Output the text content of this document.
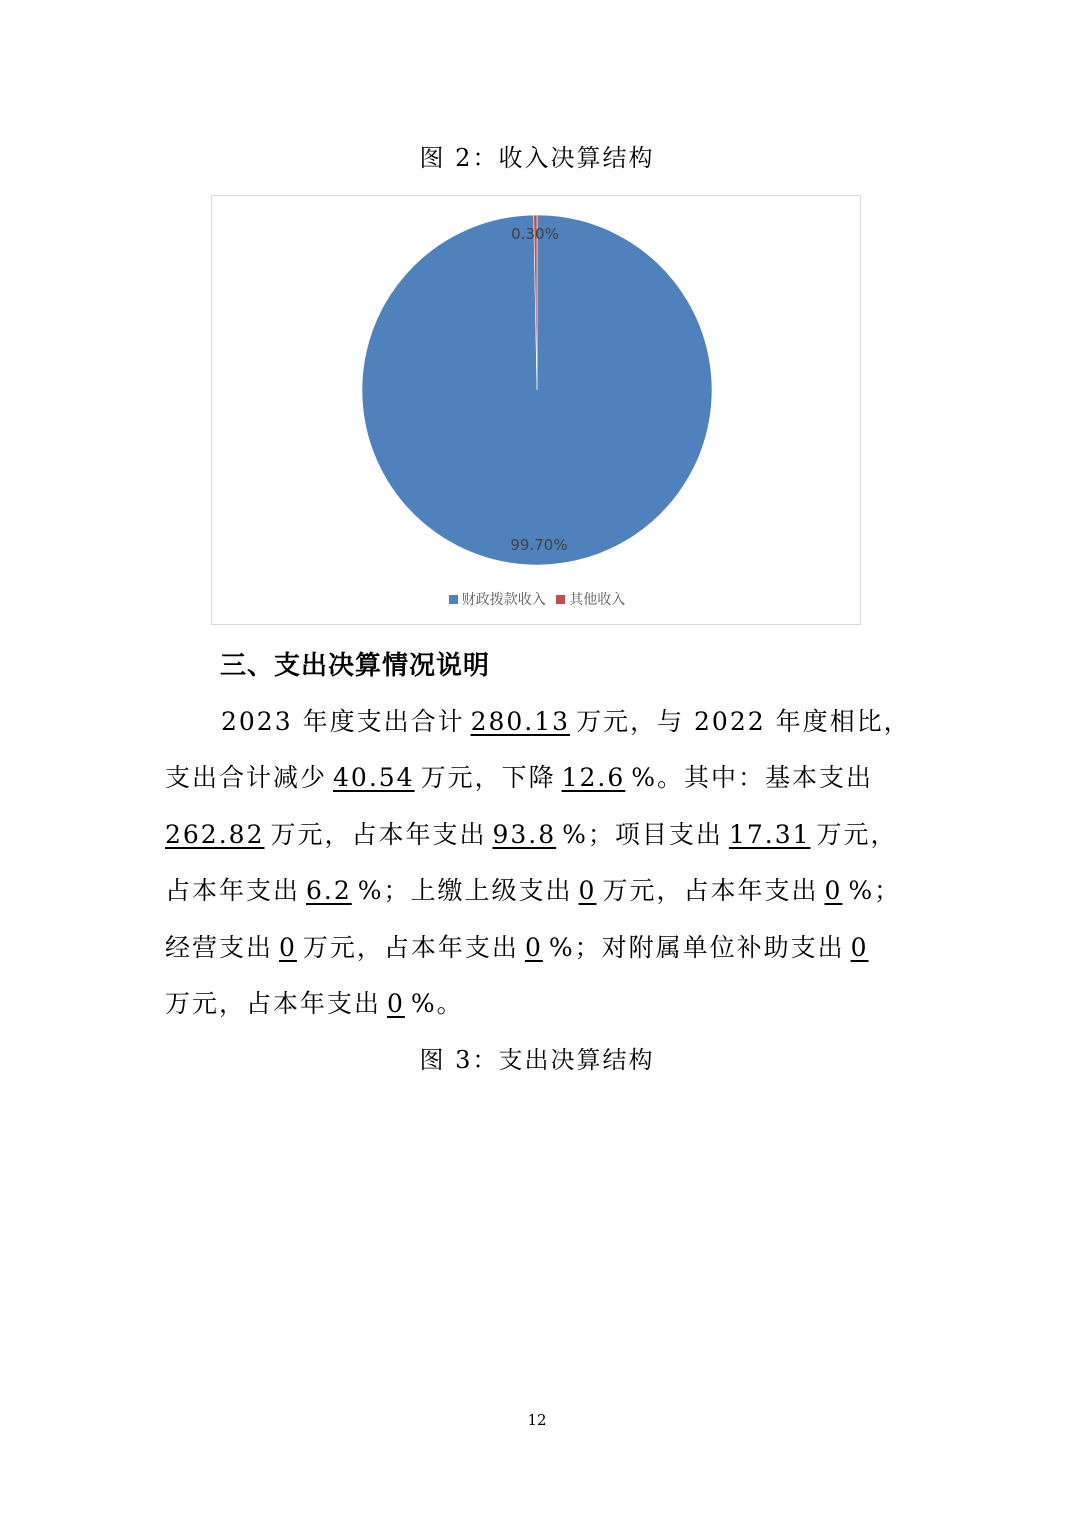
图 2：收入决算结构
99.70%
0.30%
财政拨款收入 其他收入
三、支出决算情况说明
2023 年度支出合计 280.13 万元，与 2022 年度相比，
支出合计减少 40.54 万元，下降 12.6 %。其中：基本支出
262.82 万元，占本年支出 93.8 %；项目支出 17.31 万元，
占本年支出 6.2 %；上缴上级支出 0 万元，占本年支出 0 %；
经营支出 0 万元，占本年支出 0 %；对附属单位补助支出 0
万元，占本年支出 0 %。
图 3：支出决算结构
12
